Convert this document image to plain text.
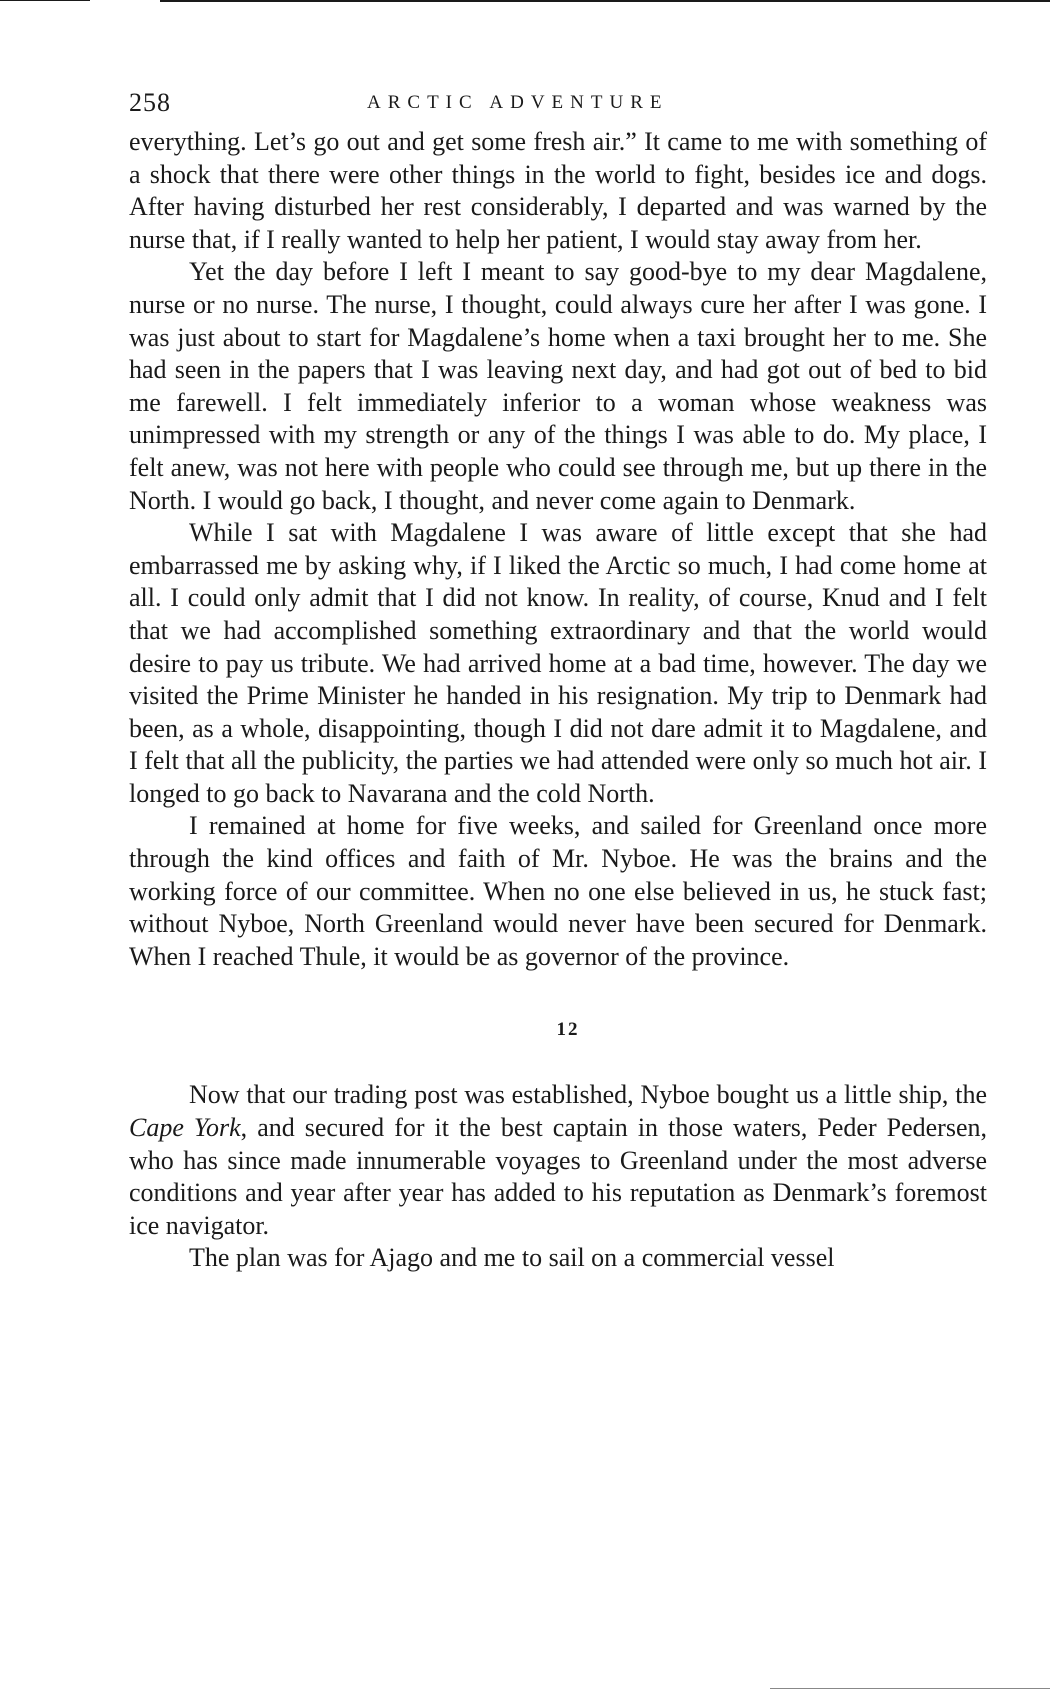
258	ARCTIC ADVENTURE

everything. Let’s go out and get some fresh air.” It came to me with something of a shock that there were other things in the world to fight, besides ice and dogs. After having disturbed her rest considerably, I departed and was warned by the nurse that, if I really wanted to help her patient, I would stay away from her.

Yet the day before I left I meant to say good-bye to my dear Magdalene, nurse or no nurse. The nurse, I thought, could always cure her after I was gone. I was just about to start for Magdalene’s home when a taxi brought her to me. She had seen in the papers that I was leaving next day, and had got out of bed to bid me farewell. I felt immediately inferior to a woman whose weakness was unimpressed with my strength or any of the things I was able to do. My place, I felt anew, was not here with people who could see through me, but up there in the North. I would go back, I thought, and never come again to Denmark.

While I sat with Magdalene I was aware of little except that she had embarrassed me by asking why, if I liked the Arctic so much, I had come home at all. I could only admit that I did not know. In reality, of course, Knud and I felt that we had accomplished something extraordinary and that the world would desire to pay us tribute. We had arrived home at a bad time, however. The day we visited the Prime Minister he handed in his resignation. My trip to Denmark had been, as a whole, disappointing, though I did not dare admit it to Magdalene, and I felt that all the publicity, the parties we had attended were only so much hot air. I longed to go back to Navarana and the cold North.

I remained at home for five weeks, and sailed for Greenland once more through the kind offices and faith of Mr. Nyboe. He was the brains and the working force of our committee. When no one else believed in us, he stuck fast; without Nyboe, North Greenland would never have been secured for Denmark. When I reached Thule, it would be as governor of the province.

12

Now that our trading post was established, Nyboe bought us a little ship, the Cape York, and secured for it the best captain in those waters, Peder Pedersen, who has since made innumerable voyages to Greenland under the most adverse conditions and year after year has added to his reputation as Denmark’s foremost ice navigator.

The plan was for Ajago and me to sail on a commercial vessel
